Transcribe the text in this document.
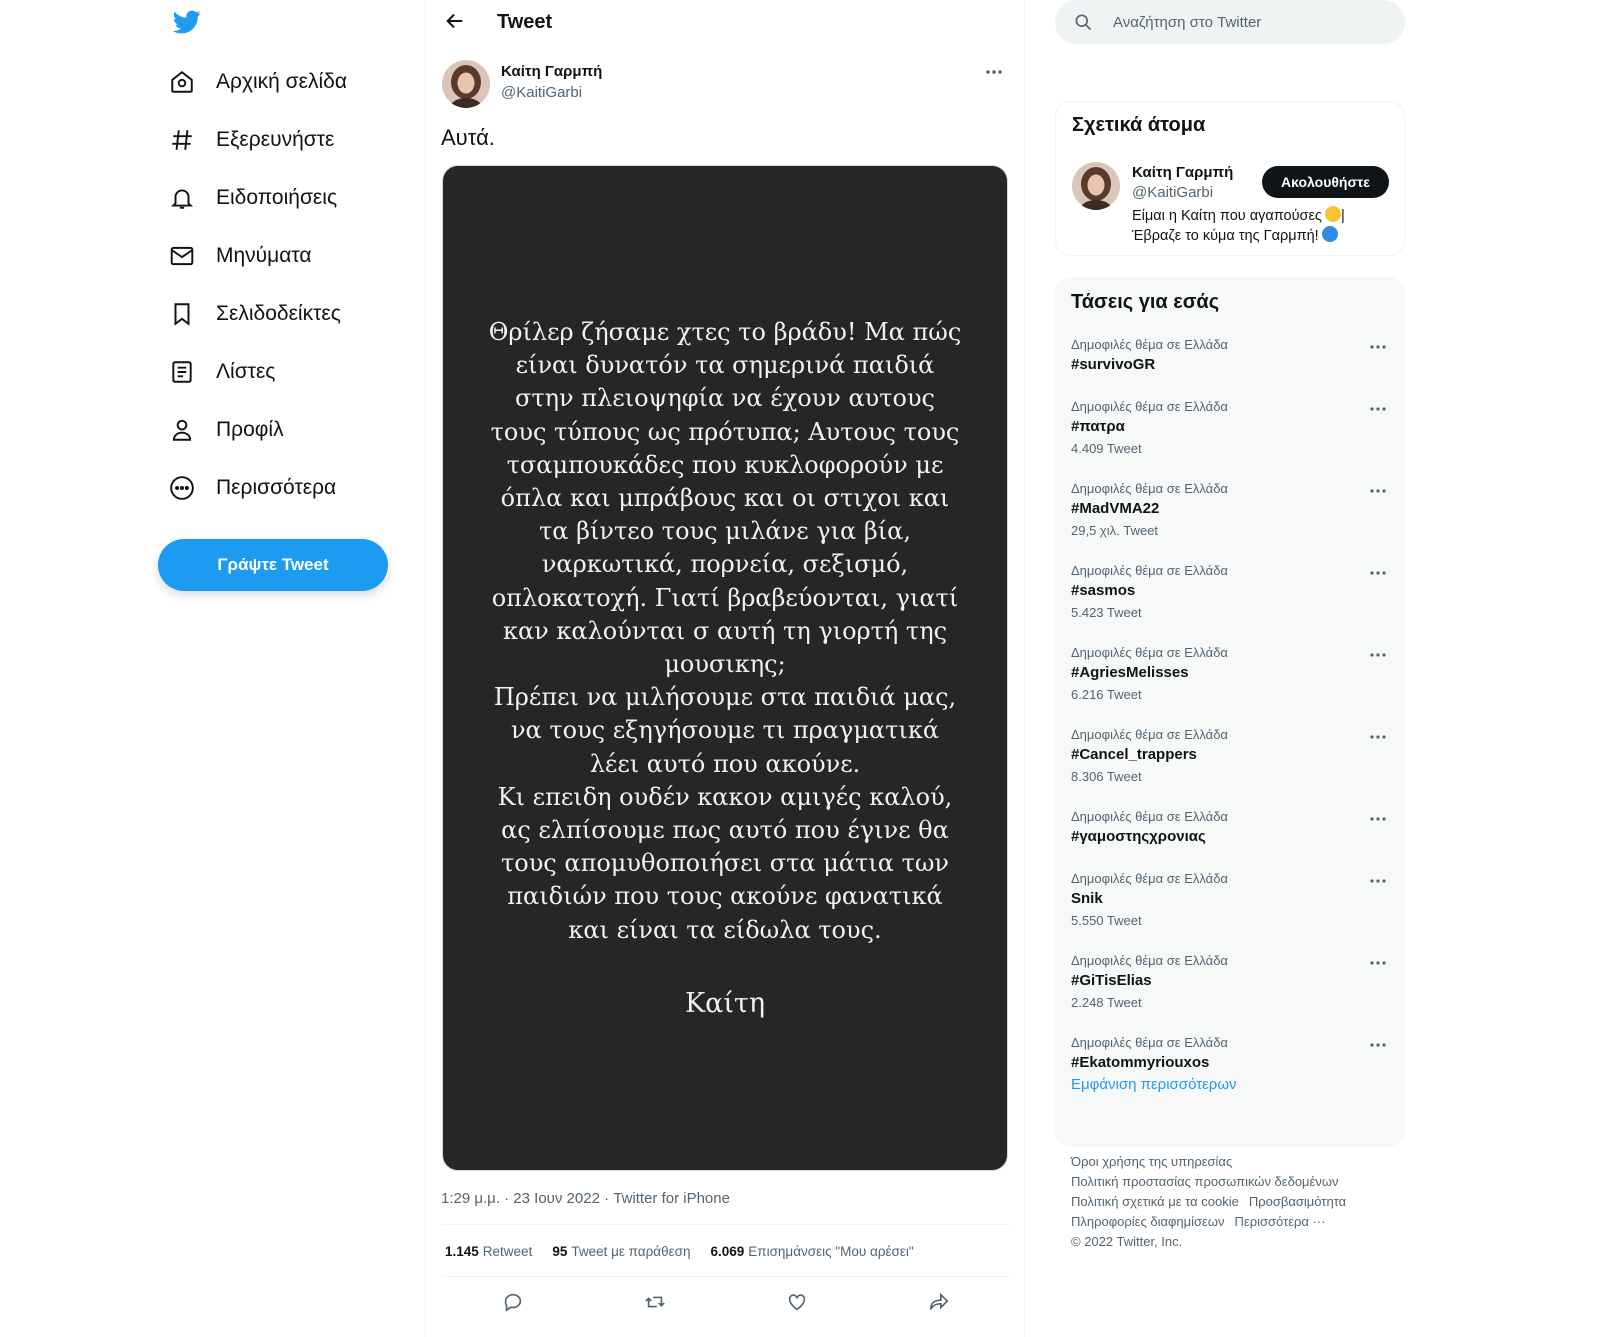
Αρχική σελίδα
Εξερευνήστε
Ειδοποιήσεις
Μηνύματα
Σελιδοδείκτες
Λίστες
Προφίλ
Περισσότερα
Γράψτε Tweet
Tweet
Καίτη Γαρμπή
@KaitiGarbi
Αυτά.
Θρίλερ ζήσαμε χτες το βράδυ! Μα πώς
είναι δυνατόν τα σημερινά παιδιά
στην πλειοψηφία να έχουν αυτους
τους τύπους ως πρότυπα; Αυτους τους
τσαμπουκάδες που κυκλοφορούν με
όπλα και μπράβους και οι στιχοι και
τα βίντεο τους μιλάνε για βία,
ναρκωτικά, πορνεία, σεξισμό,
οπλοκατοχή. Γιατί βραβεύονται, γιατί
καν καλούνται σ αυτή τη γιορτή της
μουσικης;
Πρέπει να μιλήσουμε στα παιδιά μας,
να τους εξηγήσουμε τι πραγματικά
λέει αυτό που ακούνε.
Κι επειδη ουδέν κακον αμιγές καλού,
ας ελπίσουμε πως αυτό που έγινε θα
τους απομυθοποιήσει στα μάτια των
παιδιών που τους ακούνε φανατικά
και είναι τα είδωλα τους.
Καίτη
1:29 μ.μ. · 23 Ιουν 2022 · Twitter for iPhone
1.145 Retweet 95 Tweet με παράθεση 6.069 Επισημάνσεις "Μου αρέσει"
Αναζήτηση στο Twitter
Σχετικά άτομα
Καίτη Γαρμπή
@KaitiGarbi
Ακολουθήστε
Είμαι η Καίτη που αγαπούσες |
Έβραζε το κύμα της Γαρμπή!
Τάσεις για εσάς
Δημοφιλές θέμα σε Ελλάδα
#survivoGR
Δημοφιλές θέμα σε Ελλάδα
#πατρα
4.409 Tweet
Δημοφιλές θέμα σε Ελλάδα
#MadVMA22
29,5 χιλ. Tweet
Δημοφιλές θέμα σε Ελλάδα
#sasmos
5.423 Tweet
Δημοφιλές θέμα σε Ελλάδα
#AgriesMelisses
6.216 Tweet
Δημοφιλές θέμα σε Ελλάδα
#Cancel_trappers
8.306 Tweet
Δημοφιλές θέμα σε Ελλάδα
#γαμοστηςχρονιας
Δημοφιλές θέμα σε Ελλάδα
Snik
5.550 Tweet
Δημοφιλές θέμα σε Ελλάδα
#GiTisElias
2.248 Tweet
Δημοφιλές θέμα σε Ελλάδα
#Ekatommyriouxos
Εμφάνιση περισσότερων
Όροι χρήσης της υπηρεσίας
Πολιτική προστασίας προσωπικών δεδομένων
Πολιτική σχετικά με τα cookie Προσβασιμότητα
Πληροφορίες διαφημίσεων Περισσότερα ···
© 2022 Twitter, Inc.
